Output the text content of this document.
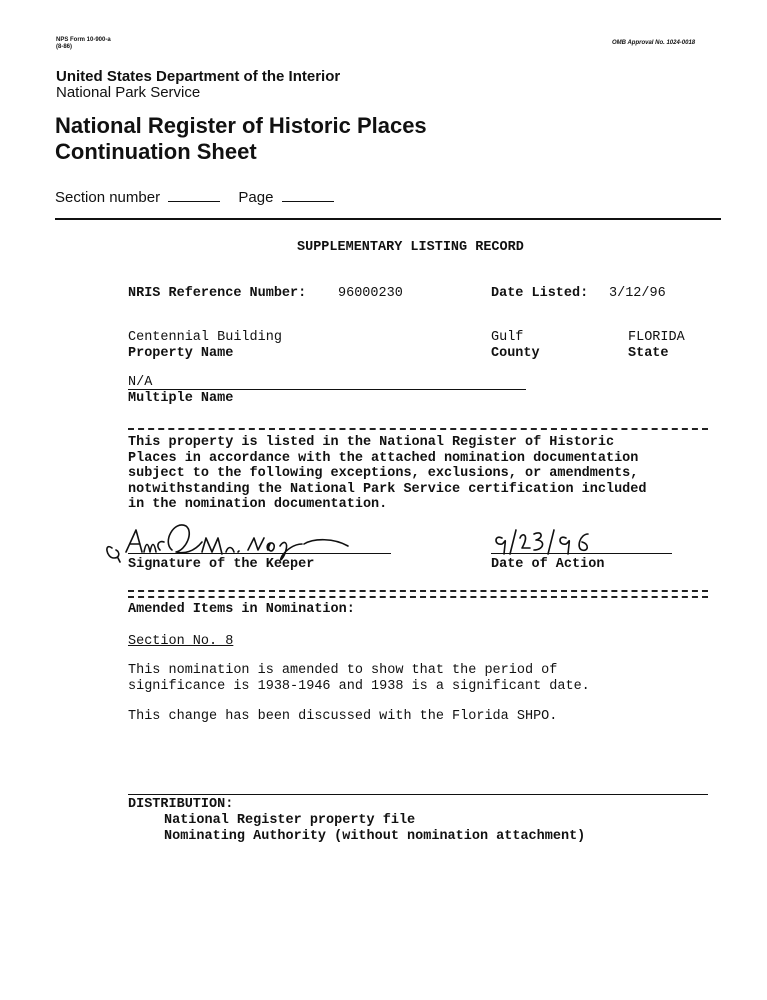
NPS Form 10-900-a
(8-86)
OMB Approval No. 1024-0018
United States Department of the Interior
National Park Service
National Register of Historic Places
Continuation Sheet
Section number	Page
SUPPLEMENTARY LISTING RECORD
NRIS Reference Number: 96000230	Date Listed: 3/12/96
Centennial Building
Property Name
Gulf
County
FLORIDA
State
N/A
Multiple Name
This property is listed in the National Register of Historic
Places in accordance with the attached nomination documentation
subject to the following exceptions, exclusions, or amendments,
notwithstanding the National Park Service certification included
in the nomination documentation.
Signature of the Keeper	Date of Action
Amended Items in Nomination:
Section No. 8
This nomination is amended to show that the period of
significance is 1938-1946 and 1938 is a significant date.
This change has been discussed with the Florida SHPO.
DISTRIBUTION:
National Register property file
Nominating Authority (without nomination attachment)
